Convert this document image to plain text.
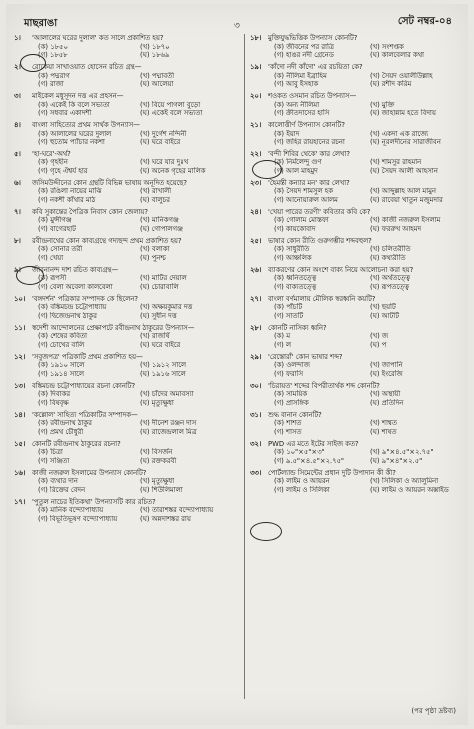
মাছরাঙা	৩	সেট নম্বর-০৪
১।	'আলালের ঘরের দুলাল' কত সালে প্রকাশিত হয়?
(ক) ১৮৫০	(খ) ১৮৭০
(গ) ১৮৫৮	(ঘ) ১৮৬৯
২।	রোকেয়া সাখাওয়াত হোসেন রচিত গ্রন্থ—
(ক) পদ্মরাগ	(খ) পদ্মাবতী
(গ) রাজা	(ঘ) আলেয়া
৩।	মাইকেল মধুসূদন দত্ত এর প্রহসন—
(ক) একেই কি বলে সভ্যতা	(খ) বিয়ে পাগলা বুড়ো
(গ) সধবার একাদশী	(ঘ) একেই বলে সভ্যতা
৪।	বাংলা সাহিত্যের প্রথম সার্থক উপন্যাস—
(ক) আলালের ঘরের দুলাল	(খ) দুর্গেশ নন্দিনী
(গ) হুতোম প্যাঁচার নকশা	(ঘ) ঘরে বাইরে
৫।	'হা-ঘরে'-অর্থ?
(ক) গৃহহীন	(খ) ঘরে যার দুঃখ
(গ) গৃহে ঐশ্বর্য হার	(ঘ) অনেক গৃহের মালিক
৬।	জসিমউদ্দীনের কোন গ্রন্থটি বিভিন্ন ভাষায় অনূদিত হয়েছে?
(ক) রঙিলা নায়ের মাঝি	(খ) রাখালী
(গ) নকশী কাঁথার মাঠ	(ঘ) বালুচর
৭।	কবি সুকান্তের পৈত্রিক নিবাস কোন জেলায়?
(ক) মুন্সীগঞ্জ	(খ) মানিকগঞ্জ
(গ) বাগেরহাট	(ঘ) গোপালগঞ্জ
৮।	রবীন্দ্রনাথের কোন কাব্যগ্রন্থে গদ্যছন্দ প্রথম প্রকাশিত হয়?
(ক) সোনার তরী	(খ) বলাকা
(গ) খেয়া	(ঘ) পুনশ্চ
৯।	জীবনানন্দ দাশ রচিত কাব্যগ্রন্থ—
(ক) রূপসী	(খ) মাটির দেয়াল
(গ) বেলা অবেলা কালবেলা	(ঘ) চোরাবালি
১০। 'বঙ্গদর্শন' পত্রিকার সম্পাদক কে ছিলেন?
(ক) বঙ্কিমচন্দ্র চট্টোপাধ্যায়	(খ) অক্ষয়কুমার দত্ত
(গ) দ্বিজেন্দ্রনাথ ঠাকুর	(ঘ) সুধীন দত্ত
১১। স্বদেশী আন্দোলনের প্রেক্ষাপটে রবীন্দ্রনাথ ঠাকুরের উপন্যাস—
(ক) শেষের কবিতা	(খ) রাজর্ষি
(গ) চোখের বালি	(ঘ) ঘরে বাইরে
১২। 'সবুজপত্র' পত্রিকাটি প্রথম প্রকাশিত হয়—
(ক) ১৯১০ সালে	(খ) ১৯১২ সালে
(গ) ১৯১৪ সালে	(ঘ) ১৯১৬ সালে
১৩। বঙ্কিমচন্দ্র চট্টোপাধ্যায়ের রচনা কোনটি?
(ক) দিবাকর	(খ) চাঁদের অমাবস্যা
(গ) বিষবৃক্ষ	(ঘ) মৃত্যুক্ষুধা
১৪। 'কল্লোল' সাহিত্য পত্রিকাটির সম্পাদক—
(ক) রবীন্দ্রনাথ ঠাকুর	(খ) দীনেশ রঞ্জন দাস
(গ) প্রমথ চৌধুরী	(ঘ) রাজেন্দ্রলাল মিত্র
১৫। কোনটি রবীন্দ্রনাথ ঠাকুরের রচনা?
(ক) চিত্রা	(খ) বিসর্জন
(গ) সঞ্জিতা	(ঘ) রক্তকরবী
১৬। কাজী নজরুল ইসলামের উপন্যাস কোনটি?
(ক) ব্যথার দান	(খ) মৃত্যুক্ষুধা
(গ) রিক্তের বেদন	(ঘ) শিউলিমালা
১৭। 'পুতুল নাচের ইতিকথা' উপন্যাসটি কার রচিত?
(ক) মানিক বন্দ্যোপাধ্যায়	(খ) তারাশঙ্কর বন্দ্যোপাধ্যায়
(গ) বিভূতিভূষণ বন্দ্যোপাধ্যায়	(ঘ) অন্নদাশঙ্কর রায়
১৮। মুক্তিযুদ্ধভিত্তিক উপন্যাস কোনটি?
(ক) জীবনের পর রাত্রি	(খ) সংশপ্তক
(গ) হাঙর নদী গ্রেনেড	(ঘ) কালবেলার কথা
১৯। 'কাঁদো নদী কাঁদো' এর রচয়িতা কে?
(ক) নীলিমা ইব্রাহিম	(খ) সৈয়দ ওয়ালীউল্লাহ
(গ) আবু ইসহাক	(ঘ) রশীদ করিম
২০। শওকত ওসমান রচিত উপন্যাস—
(ক) অন্য নীলিমা	(খ) মুক্তি
(গ) ক্রীতদাসের হাসি	(ঘ) জাহান্নাম হতে বিদায়
২১। কালোত্তীর্ণ উপন্যাস কোনটি?
(ক) ইয়াদ	(খ) একদা এক রাজ্যে
(গ) জহির রায়হানের রচনা	(ঘ) নূরলদীনের সারাজীবন
২২। 'বন্দী শিবির থেকে' কার লেখা?
(ক) নির্মলেন্দু গুণ	(খ) শামসুর রাহমান
(গ) আল মাহমুদ	(ঘ) সৈয়দ আলী আহসান
২৩। 'হৈমন্তী কন্যার মন' কার লেখা?
(ক) সৈয়দ শামসুল হক	(খ) আব্দুল্লাহ আল মামুন
(গ) আনোয়ারুল আলম	(ঘ) রাবেয়া খাতুন মজুমদার
২৪। 'খেয়া পারের তরণী' কবিতার কবি কে?
(ক) গোলাম মোস্তফা	(খ) কাজী নজরুল ইসলাম
(গ) কায়কোবাদ	(ঘ) ফররুখ আহমদ
২৫। ভাষার কোন রীতি গুরুগম্ভীর শব্দবহুল?
(ক) সাধুরীতি	(খ) চলিতরীতি
(গ) আঞ্চলিক	(ঘ) কথ্যরীতি
২৬। ব্যাকরণের কোন অংশে বাক্য নিয়ে আলোচনা করা হয়?
(ক) ধ্বনিতত্ত্বে	(খ) অর্থতত্ত্বে
(গ) বাক্যতত্ত্বে	(ঘ) রূপতত্ত্বে
২৭। বাংলা বর্ণমালায় মৌলিক স্বরধ্বনি কয়টি?
(ক) পাঁচটি	(খ) ছয়টি
(গ) সাতটি	(ঘ) আটটি
২৮। কোনটি নাসিক্য ধ্বনি?
(ক) ম	(খ) জ
(গ) ল	(ঘ) প
২৯। 'রেস্তোরাঁ' কোন ভাষার শব্দ?
(ক) ওলন্দাজ	(খ) জাপানি
(গ) ফরাসি	(ঘ) ইংরেজি
৩০। 'চিরায়ত' শব্দের বিপরীতার্থক শব্দ কোনটি?
(ক) সাময়িক	(খ) অস্থায়ী
(গ) প্রাসঙ্গিক	(ঘ) প্রতিদিন
৩১। শুদ্ধ বানান কোনটি?
(ক) শাশত	(খ) শাশ্বত
(গ) শাসত	(ঘ) শাষত
৩২। PWD এর মতে ইটের সাইজ কত?
(ক) ১০"×৫"×৩"	(খ) ৯"×৪.৫"×২.৭৫"
(গ) ৯.৫"×৪.৫"×২.৭৫"	(ঘ) ৯"×৪"×২.৫"
৩৩। পোর্টল্যান্ড সিমেন্টের প্রধান দুটি উপাদান কী কী?
(ক) লাইম ও আয়রন	(খ) সিলিকা ও অ্যালুমিনা
(গ) লাইম ও সিলিকা	(ঘ) লাইম ও আয়রন অক্সাইড
(পর পৃষ্ঠা দ্রষ্টব্য)
